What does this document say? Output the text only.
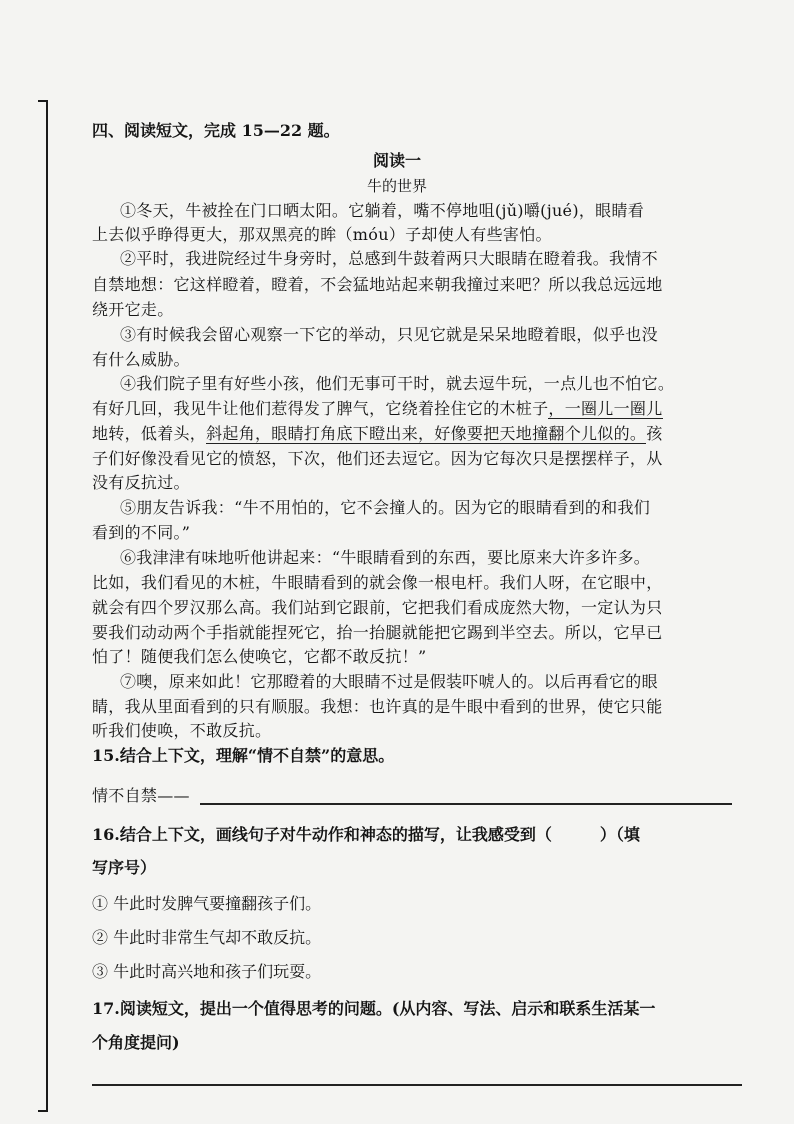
四、阅读短文，完成 15—22 题。
阅读一
牛的世界
①冬天，牛被拴在门口晒太阳。它躺着，嘴不停地咀(jǔ)嚼(jué)，眼睛看
上去似乎睁得更大，那双黑亮的眸（móu）子却使人有些害怕。
②平时，我进院经过牛身旁时，总感到牛鼓着两只大眼睛在瞪着我。我情不
自禁地想：它这样瞪着，瞪着，不会猛地站起来朝我撞过来吧？所以我总远远地
绕开它走。
③有时候我会留心观察一下它的举动，只见它就是呆呆地瞪着眼，似乎也没
有什么威胁。
④我们院子里有好些小孩，他们无事可干时，就去逗牛玩，一点儿也不怕它。
有好几回，我见牛让他们惹得发了脾气，它绕着拴住它的木桩子，一圈儿一圈儿
地转，低着头，斜起角，眼睛打角底下瞪出来，好像要把天地撞翻个儿似的。孩
子们好像没看见它的愤怒，下次，他们还去逗它。因为它每次只是摆摆样子，从
没有反抗过。
⑤朋友告诉我：“牛不用怕的，它不会撞人的。因为它的眼睛看到的和我们
看到的不同。”
⑥我津津有味地听他讲起来：“牛眼睛看到的东西，要比原来大许多许多。
比如，我们看见的木桩，牛眼睛看到的就会像一根电杆。我们人呀，在它眼中，
就会有四个罗汉那么高。我们站到它跟前，它把我们看成庞然大物，一定认为只
要我们动动两个手指就能捏死它，抬一抬腿就能把它踢到半空去。所以，它早已
怕了！随便我们怎么使唤它，它都不敢反抗！”
⑦噢，原来如此！它那瞪着的大眼睛不过是假装吓唬人的。以后再看它的眼
睛，我从里面看到的只有顺服。我想：也许真的是牛眼中看到的世界，使它只能
听我们使唤，不敢反抗。
15.结合上下文，理解“情不自禁”的意思。
情不自禁——
16.结合上下文，画线句子对牛动作和神态的描写，让我感受到（　　　）（填
写序号）
① 牛此时发脾气要撞翻孩子们。
② 牛此时非常生气却不敢反抗。
③ 牛此时高兴地和孩子们玩耍。
17.阅读短文，提出一个值得思考的问题。(从内容、写法、启示和联系生活某一
个角度提问)
